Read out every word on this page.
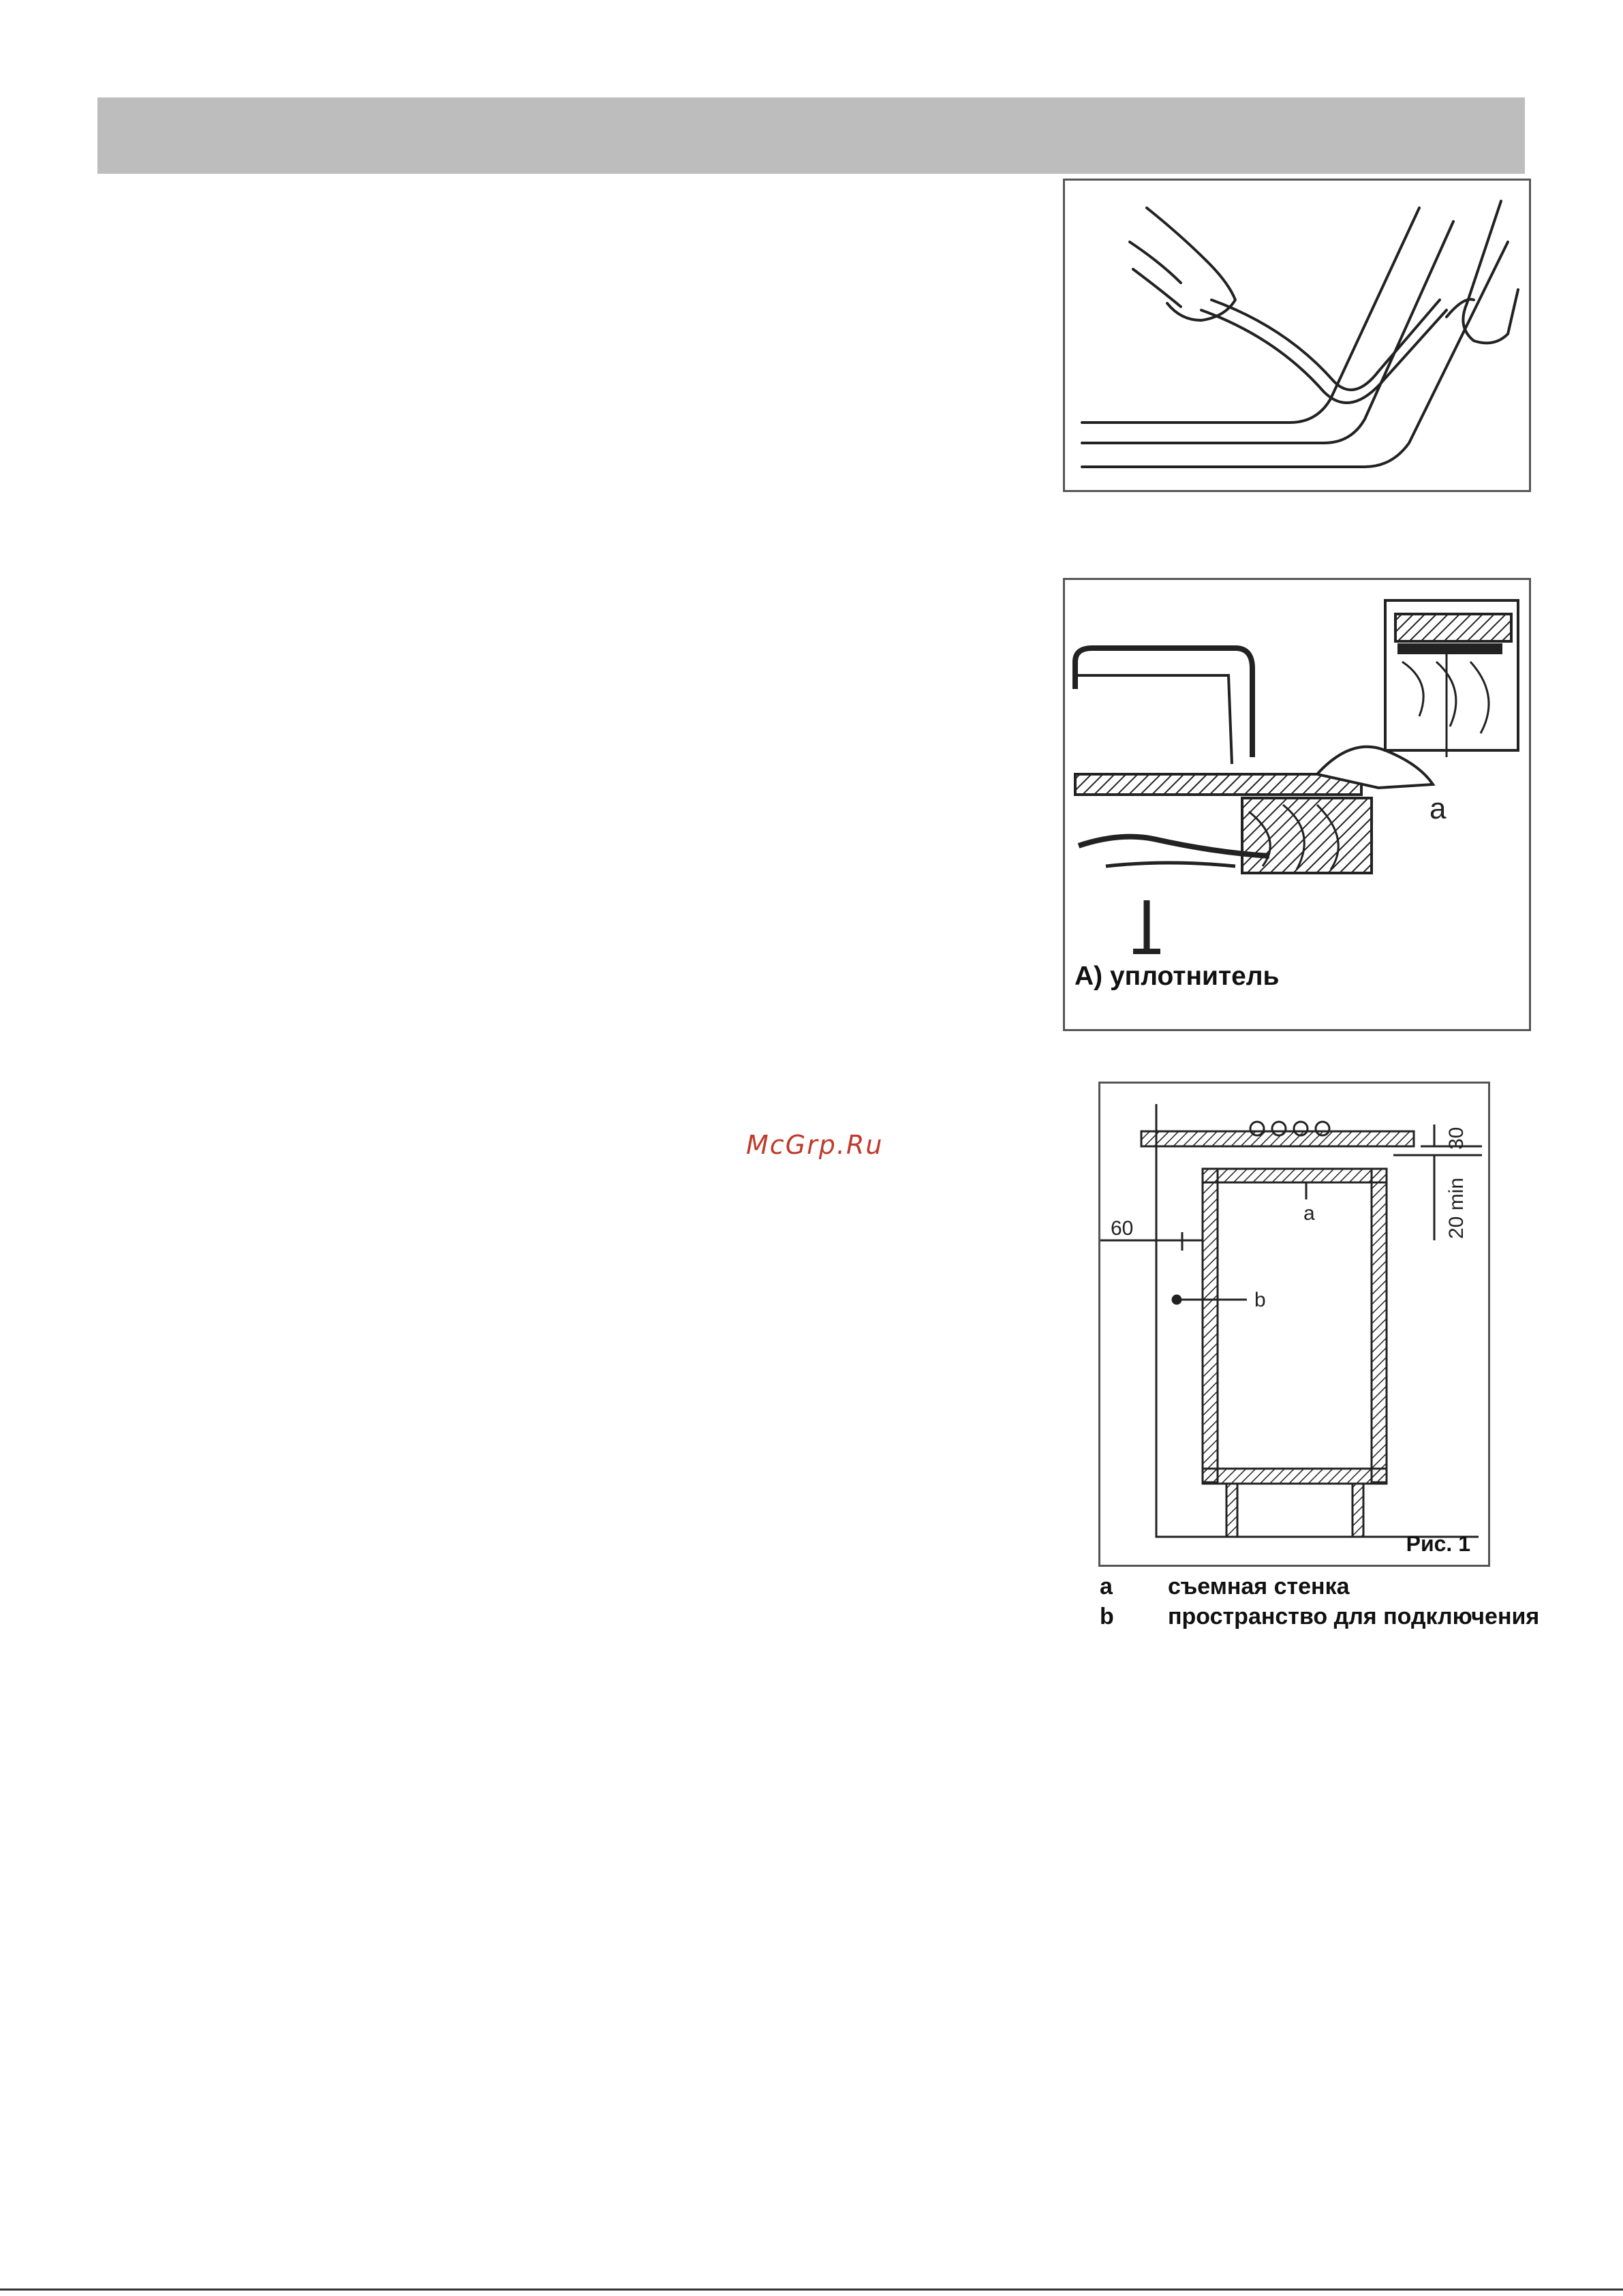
a
A) уплотнитель
a
b
60
30
20 min
Рис. 1
a	съемная стенка
b	пространство для подключения
McGrp.Ru
